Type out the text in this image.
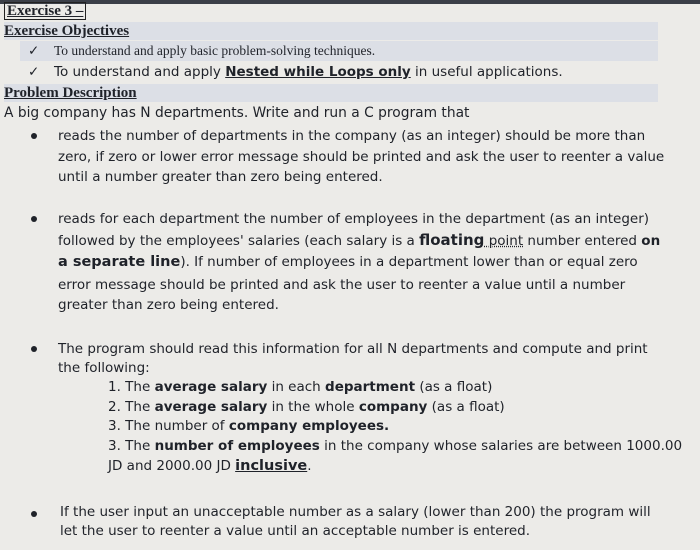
Exercise 3 –
Exercise Objectives
✓ To understand and apply basic problem-solving techniques.
✓ To understand and apply Nested while Loops only in useful applications.
Problem Description
A big company has N departments. Write and run a C program that
reads the number of departments in the company (as an integer) should be more than
zero, if zero or lower error message should be printed and ask the user to reenter a value
until a number greater than zero being entered.
reads for each department the number of employees in the department (as an integer)
followed by the employees' salaries (each salary is a floating point number entered on
a separate line). If number of employees in a department lower than or equal zero
error message should be printed and ask the user to reenter a value until a number
greater than zero being entered.
The program should read this information for all N departments and compute and print
the following:
1. The average salary in each department (as a float)
2. The average salary in the whole company (as a float)
3. The number of company employees.
3. The number of employees in the company whose salaries are between 1000.00
JD and 2000.00 JD inclusive.
If the user input an unacceptable number as a salary (lower than 200) the program will
let the user to reenter a value until an acceptable number is entered.
